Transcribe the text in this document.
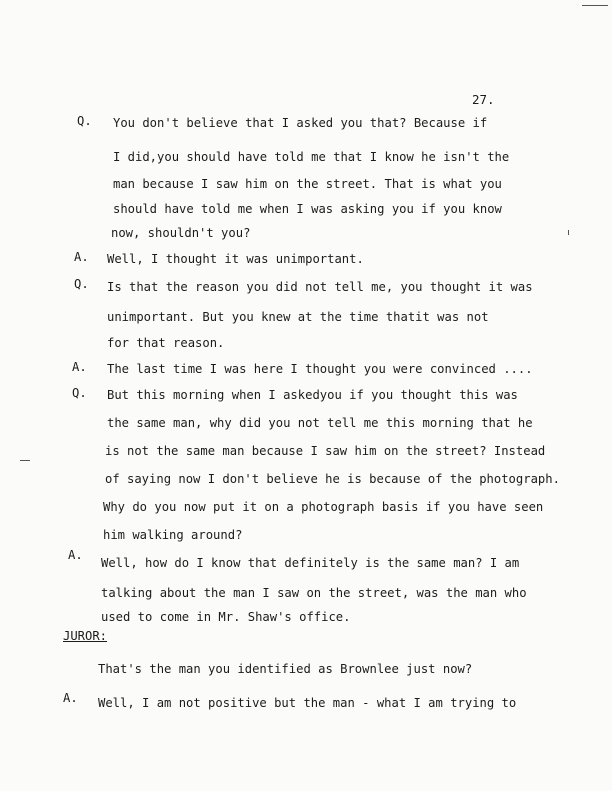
27.
Q. You don't believe that I asked you that? Because if
I did,you should have told me that I know he isn't the
man because I saw him on the street. That is what you
should have told me when I was asking you if you know
now, shouldn't you?
A. Well, I thought it was unimportant.
Q. Is that the reason you did not tell me, you thought it was
unimportant. But you knew at the time thatit was not
for that reason.
A. The last time I was here I thought you were convinced ....
Q. But this morning when I askedyou if you thought this was
the same man, why did you not tell me this morning that he
is not the same man because I saw him on the street? Instead
of saying now I don't believe he is because of the photograph.
Why do you now put it on a photograph basis if you have seen
him walking around?
A.
Well, how do I know that definitely is the same man? I am
talking about the man I saw on the street, was the man who
used to come in Mr. Shaw's office.
JUROR:
That's the man you identified as Brownlee just now?
A. Well, I am not positive but the man - what I am trying to
